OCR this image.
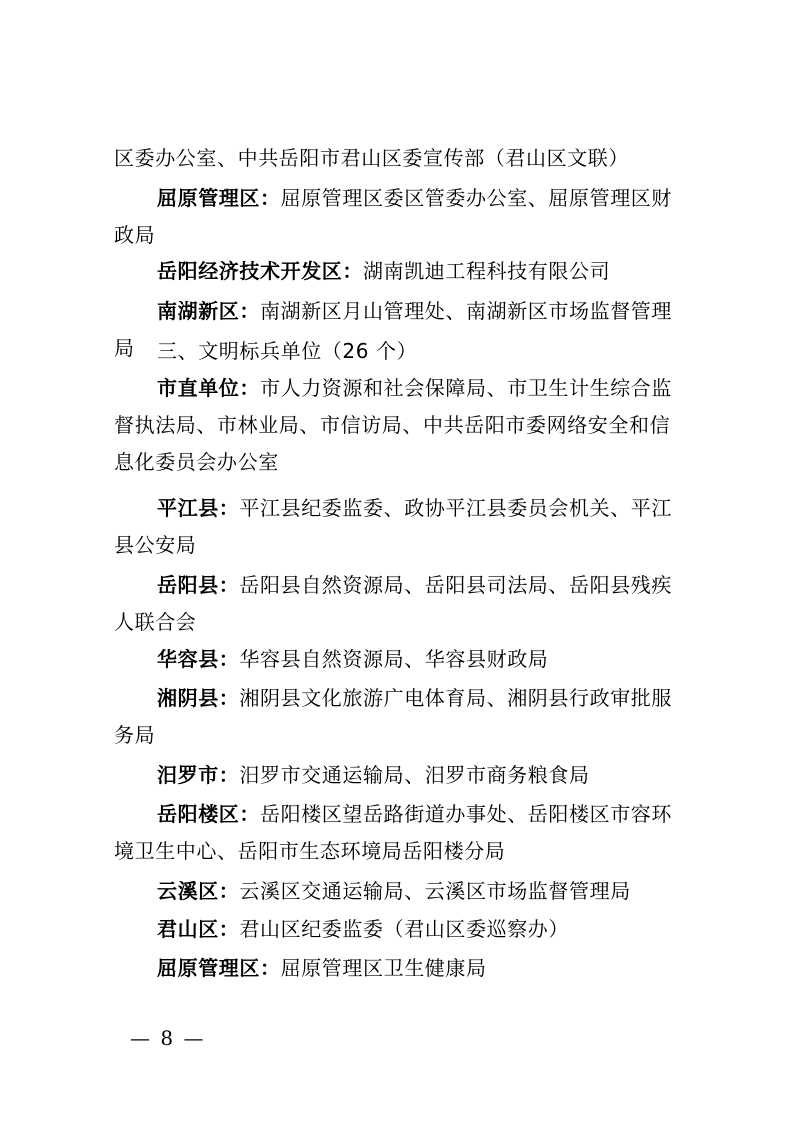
区委办公室、中共岳阳市君山区委宣传部（君山区文联）
屈原管理区：屈原管理区委区管委办公室、屈原管理区财政局
岳阳经济技术开发区：湖南凯迪工程科技有限公司
南湖新区：南湖新区月山管理处、南湖新区市场监督管理局	三、文明标兵单位（26 个）
市直单位：市人力资源和社会保障局、市卫生计生综合监督执法局、市林业局、市信访局、中共岳阳市委网络安全和信息化委员会办公室
平江县：平江县纪委监委、政协平江县委员会机关、平江县公安局
岳阳县：岳阳县自然资源局、岳阳县司法局、岳阳县残疾人联合会
华容县：华容县自然资源局、华容县财政局
湘阴县：湘阴县文化旅游广电体育局、湘阴县行政审批服务局
汨罗市：汨罗市交通运输局、汨罗市商务粮食局
岳阳楼区：岳阳楼区望岳路街道办事处、岳阳楼区市容环境卫生中心、岳阳市生态环境局岳阳楼分局
云溪区：云溪区交通运输局、云溪区市场监督管理局
君山区：君山区纪委监委（君山区委巡察办）
屈原管理区：屈原管理区卫生健康局
— 8 —
